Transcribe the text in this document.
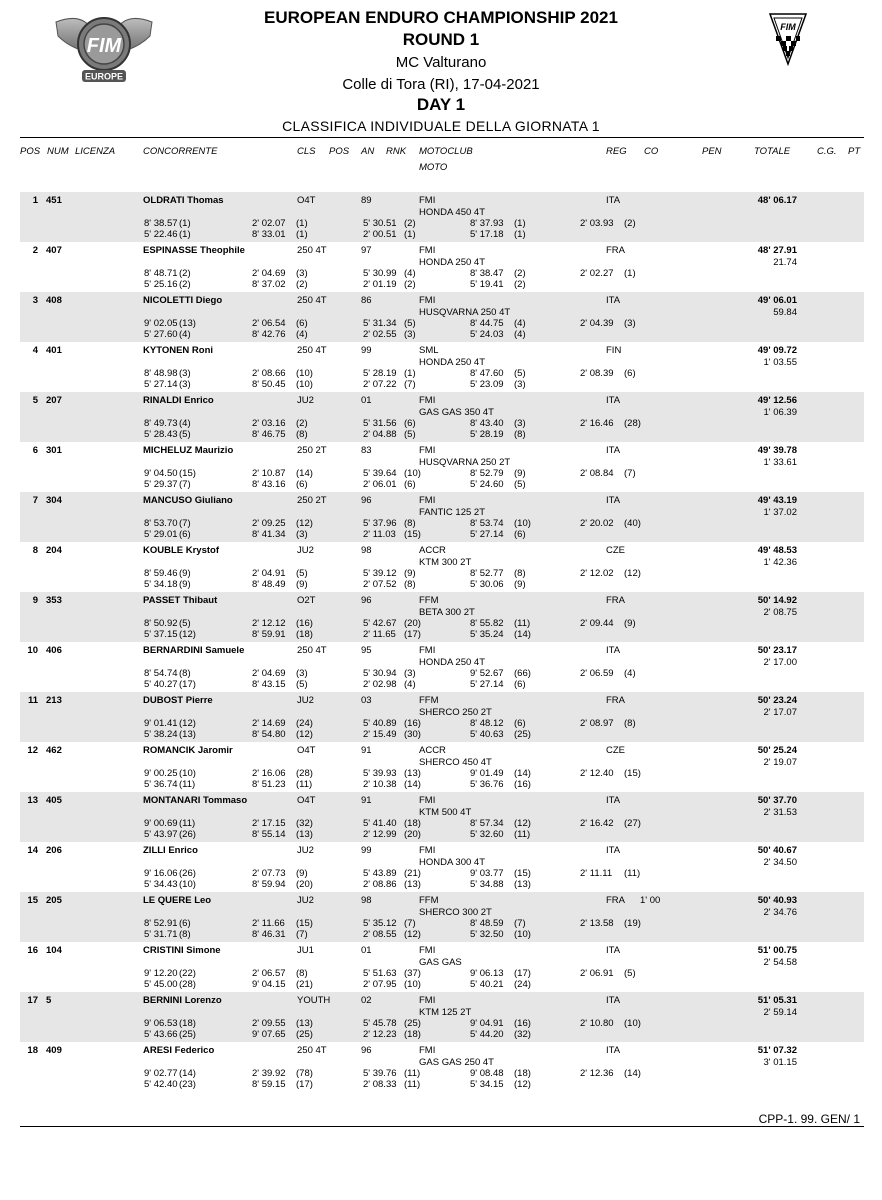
FIM
EUROPE
FIM
EUROPEAN ENDURO CHAMPIONSHIP 2021
ROUND 1
MC Valturano
Colle di Tora (RI), 17-04-2021
DAY 1
CLASSIFICA INDIVIDUALE DELLA GIORNATA 1
POS NUM LICENZA	CONCORRENTE	CLS POS AN RNK MOTOCLUB
MOTO
REG CO	PEN	TOTALE	C.G. PT
1 451	OLDRATI Thomas	O4T	89	FMI	ITA	48' 06.17
HONDA 450 4T
8' 38.57 (1)	2' 02.07 (1)	5' 30.51 (2)	8' 37.93 (1)	2' 03.93 (2)
5' 22.46 (1)	8' 33.01 (1)	2' 00.51 (1)	5' 17.18 (1)
2 407	ESPINASSE Theophile	250 4T	97	FMI	FRA	48' 27.91
HONDA 250 4T	21.74
8' 48.71 (2)	2' 04.69 (3)	5' 30.99 (4)	8' 38.47 (2)	2' 02.27 (1)
5' 25.16 (2)	8' 37.02 (2)	2' 01.19 (2)	5' 19.41 (2)
3 408	NICOLETTI Diego	250 4T	86	FMI	ITA	49' 06.01
HUSQVARNA 250 4T	59.84
9' 02.05 (13)	2' 06.54 (6)	5' 31.34 (5)	8' 44.75 (4)	2' 04.39 (3)
5' 27.60 (4)	8' 42.76 (4)	2' 02.55 (3)	5' 24.03 (4)
4 401	KYTONEN Roni	250 4T	99	SML	FIN	49' 09.72
HONDA 250 4T	1' 03.55
8' 48.98 (3)	2' 08.66 (10)	5' 28.19 (1)	8' 47.60 (5)	2' 08.39 (6)
5' 27.14 (3)	8' 50.45 (10)	2' 07.22 (7)	5' 23.09 (3)
5 207	RINALDI Enrico	JU2	01	FMI	ITA	49' 12.56
GAS GAS 350 4T	1' 06.39
8' 49.73 (4)	2' 03.16 (2)	5' 31.56 (6)	8' 43.40 (3)	2' 16.46 (28)
5' 28.43 (5)	8' 46.75 (8)	2' 04.88 (5)	5' 28.19 (8)
6 301	MICHELUZ Maurizio	250 2T	83	FMI	ITA	49' 39.78
HUSQVARNA 250 2T	1' 33.61
9' 04.50 (15)	2' 10.87 (14)	5' 39.64 (10)	8' 52.79 (9)	2' 08.84 (7)
5' 29.37 (7)	8' 43.16 (6)	2' 06.01 (6)	5' 24.60 (5)
7 304	MANCUSO Giuliano	250 2T	96	FMI	ITA	49' 43.19
FANTIC 125 2T	1' 37.02
8' 53.70 (7)	2' 09.25 (12)	5' 37.96 (8)	8' 53.74 (10)	2' 20.02 (40)
5' 29.01 (6)	8' 41.34 (3)	2' 11.03 (15)	5' 27.14 (6)
8 204	KOUBLE Krystof	JU2	98	ACCR	CZE	49' 48.53
KTM 300 2T	1' 42.36
8' 59.46 (9)	2' 04.91 (5)	5' 39.12 (9)	8' 52.77 (8)	2' 12.02 (12)
5' 34.18 (9)	8' 48.49 (9)	2' 07.52 (8)	5' 30.06 (9)
9 353	PASSET Thibaut	O2T	96	FFM	FRA	50' 14.92
BETA 300 2T	2' 08.75
8' 50.92 (5)	2' 12.12 (16)	5' 42.67 (20)	8' 55.82 (11)	2' 09.44 (9)
5' 37.15 (12)	8' 59.91 (18)	2' 11.65 (17)	5' 35.24 (14)
10 406	BERNARDINI Samuele	250 4T	95	FMI	ITA	50' 23.17
HONDA 250 4T	2' 17.00
8' 54.74 (8)	2' 04.69 (3)	5' 30.94 (3)	9' 52.67 (66)	2' 06.59 (4)
5' 40.27 (17)	8' 43.15 (5)	2' 02.98 (4)	5' 27.14 (6)
11 213	DUBOST Pierre	JU2	03	FFM	FRA	50' 23.24
SHERCO 250 2T	2' 17.07
9' 01.41 (12)	2' 14.69 (24)	5' 40.89 (16)	8' 48.12 (6)	2' 08.97 (8)
5' 38.24 (13)	8' 54.80 (12)	2' 15.49 (30)	5' 40.63 (25)
12 462	ROMANCIK Jaromir	O4T	91	ACCR	CZE	50' 25.24
SHERCO 450 4T	2' 19.07
9' 00.25 (10)	2' 16.06 (28)	5' 39.93 (13)	9' 01.49 (14)	2' 12.40 (15)
5' 36.74 (11)	8' 51.23 (11)	2' 10.38 (14)	5' 36.76 (16)
13 405	MONTANARI Tommaso	O4T	91	FMI	ITA	50' 37.70
KTM 500 4T	2' 31.53
9' 00.69 (11)	2' 17.15 (32)	5' 41.40 (18)	8' 57.34 (12)	2' 16.42 (27)
5' 43.97 (26)	8' 55.14 (13)	2' 12.99 (20)	5' 32.60 (11)
14 206	ZILLI Enrico	JU2	99	FMI	ITA	50' 40.67
HONDA 300 4T	2' 34.50
9' 16.06 (26)	2' 07.73 (9)	5' 43.89 (21)	9' 03.77 (15)	2' 11.11 (11)
5' 34.43 (10)	8' 59.94 (20)	2' 08.86 (13)	5' 34.88 (13)
15 205	LE QUERE Leo	JU2	98	FFM	FRA 1' 00	50' 40.93
SHERCO 300 2T	2' 34.76
8' 52.91 (6)	2' 11.66 (15)	5' 35.12 (7)	8' 48.59 (7)	2' 13.58 (19)
5' 31.71 (8)	8' 46.31 (7)	2' 08.55 (12)	5' 32.50 (10)
16 104	CRISTINI Simone	JU1	01	FMI	ITA	51' 00.75
GAS GAS	2' 54.58
9' 12.20 (22)	2' 06.57 (8)	5' 51.63 (37)	9' 06.13 (17)	2' 06.91 (5)
5' 45.00 (28)	9' 04.15 (21)	2' 07.95 (10)	5' 40.21 (24)
17 5	BERNINI Lorenzo	YOUTH	02	FMI	ITA	51' 05.31
KTM 125 2T	2' 59.14
9' 06.53 (18)	2' 09.55 (13)	5' 45.78 (25)	9' 04.91 (16)	2' 10.80 (10)
5' 43.66 (25)	9' 07.65 (25)	2' 12.23 (18)	5' 44.20 (32)
18 409	ARESI Federico	250 4T	96	FMI	ITA	51' 07.32
GAS GAS 250 4T	3' 01.15
9' 02.77 (14)	2' 39.92 (78)	5' 39.76 (11)	9' 08.48 (18)	2' 12.36 (14)
5' 42.40 (23)	8' 59.15 (17)	2' 08.33 (11)	5' 34.15 (12)
CPP-1. 99. GEN/ 1
